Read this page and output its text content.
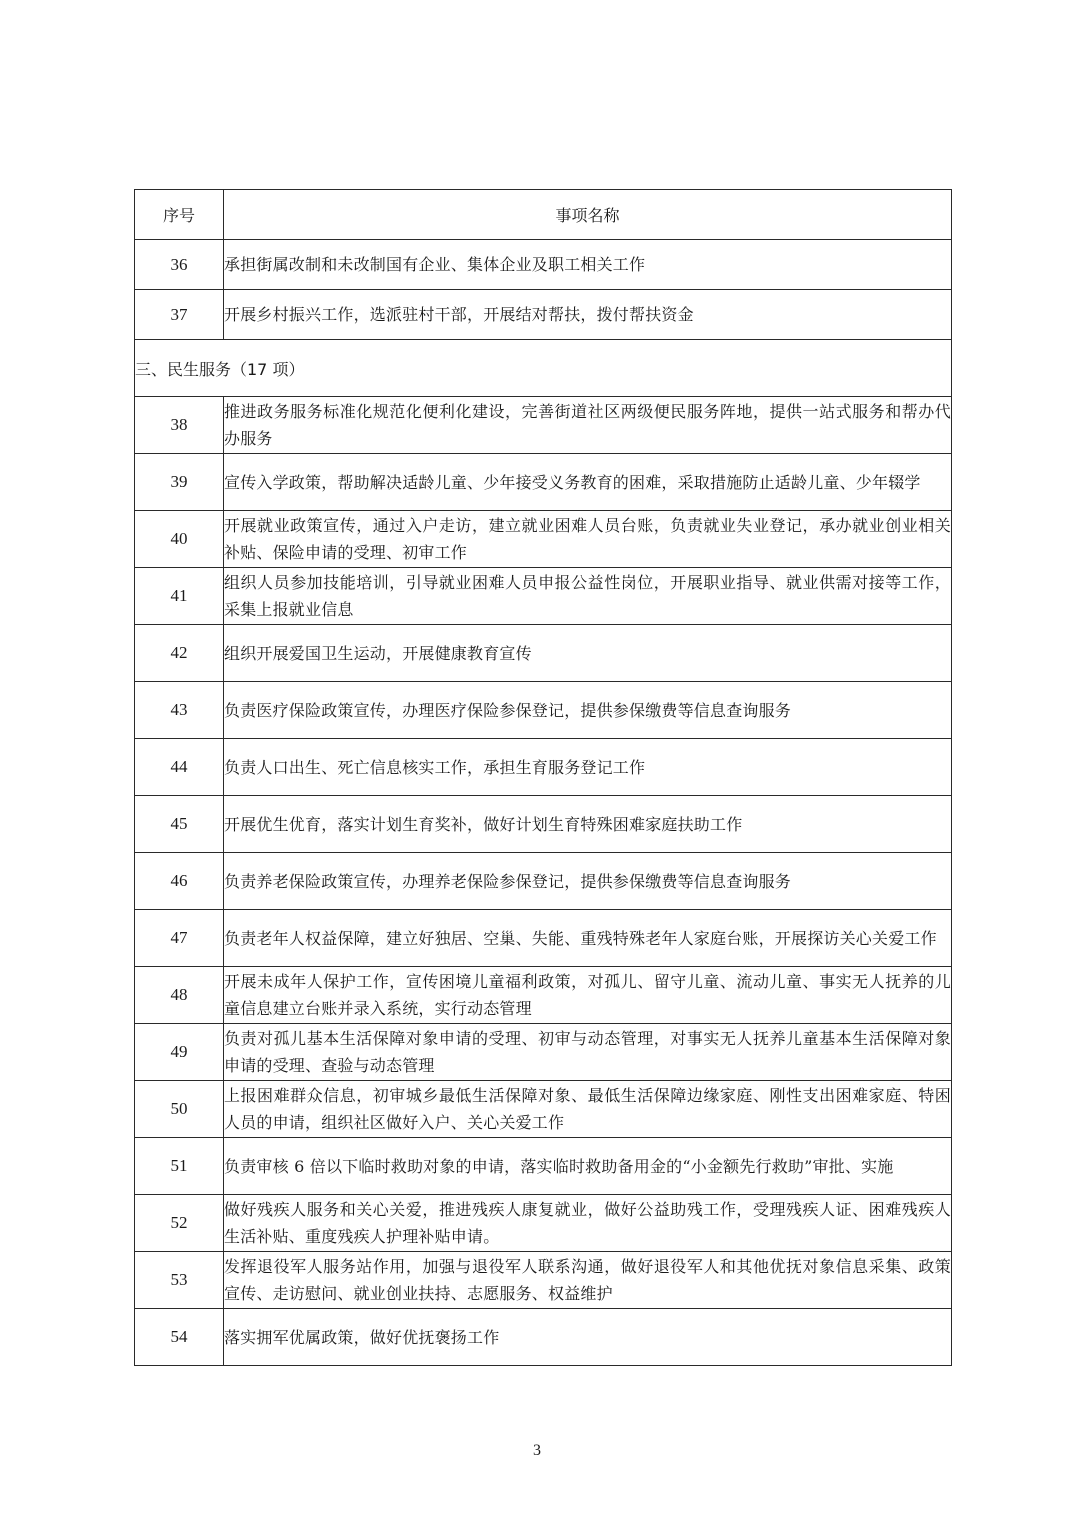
序号	事项名称
36	承担街属改制和未改制国有企业、集体企业及职工相关工作
37	开展乡村振兴工作，选派驻村干部，开展结对帮扶，拨付帮扶资金
三、民生服务（17 项）	
38	推进政务服务标准化规范化便利化建设，完善街道社区两级便民服务阵地，提供一站式服务和帮办代办服务
39	宣传入学政策，帮助解决适龄儿童、少年接受义务教育的困难，采取措施防止适龄儿童、少年辍学
40	开展就业政策宣传，通过入户走访，建立就业困难人员台账，负责就业失业登记，承办就业创业相关补贴、保险申请的受理、初审工作
41	组织人员参加技能培训，引导就业困难人员申报公益性岗位，开展职业指导、就业供需对接等工作，采集上报就业信息
42	组织开展爱国卫生运动，开展健康教育宣传
43	负责医疗保险政策宣传，办理医疗保险参保登记，提供参保缴费等信息查询服务
44	负责人口出生、死亡信息核实工作，承担生育服务登记工作
45	开展优生优育，落实计划生育奖补，做好计划生育特殊困难家庭扶助工作
46	负责养老保险政策宣传，办理养老保险参保登记，提供参保缴费等信息查询服务
47	负责老年人权益保障，建立好独居、空巢、失能、重残特殊老年人家庭台账，开展探访关心关爱工作
48	开展未成年人保护工作，宣传困境儿童福利政策，对孤儿、留守儿童、流动儿童、事实无人抚养的儿童信息建立台账并录入系统，实行动态管理
49	负责对孤儿基本生活保障对象申请的受理、初审与动态管理，对事实无人抚养儿童基本生活保障对象申请的受理、查验与动态管理
50	上报困难群众信息，初审城乡最低生活保障对象、最低生活保障边缘家庭、刚性支出困难家庭、特困人员的申请，组织社区做好入户、关心关爱工作
51	负责审核 6 倍以下临时救助对象的申请，落实临时救助备用金的“小金额先行救助”审批、实施
52	做好残疾人服务和关心关爱，推进残疾人康复就业，做好公益助残工作，受理残疾人证、困难残疾人生活补贴、重度残疾人护理补贴申请。
53	发挥退役军人服务站作用，加强与退役军人联系沟通，做好退役军人和其他优抚对象信息采集、政策宣传、走访慰问、就业创业扶持、志愿服务、权益维护
54	落实拥军优属政策，做好优抚褒扬工作
3
